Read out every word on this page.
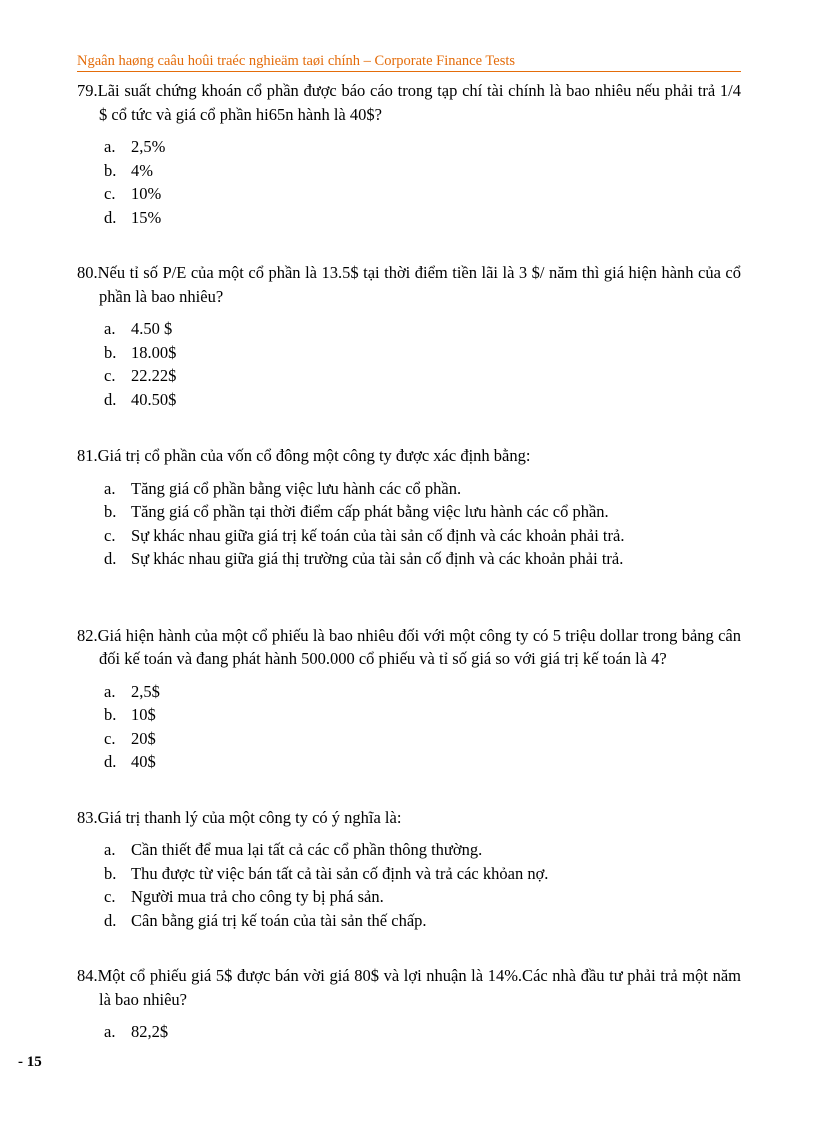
Ngaân haøng caâu hoûi traéc nghieäm taøi chính – Corporate Finance Tests

79.Lãi suất chứng khoán cổ phần được báo cáo trong tạp chí tài chính là bao nhiêu nếu phải trả 1/4 $ cổ tức và giá cổ phần hi65n hành là 40$?

a. 2,5%
b. 4%
c. 10%
d. 15%

80.Nếu tỉ số P/E của một cổ phần là 13.5$ tại thời điểm tiền lãi là 3 $/ năm thì giá hiện hành của cổ phần là bao nhiêu?

a. 4.50 $
b. 18.00$
c. 22.22$
d. 40.50$

81.Giá trị cổ phần của vốn cổ đông một công ty được xác định bằng:

a. Tăng giá cổ phần bằng việc lưu hành các cổ phần.
b. Tăng giá cổ phần tại thời điểm cấp phát bằng việc lưu hành các cổ phần.
c. Sự khác nhau giữa giá trị kế toán của tài sản cố định và các khoản phải trả.
d. Sự khác nhau giữa giá thị trường của tài sản cố định và các khoản phải trả.

82.Giá hiện hành của một cổ phiếu là bao nhiêu đối với một công ty có 5 triệu dollar trong bảng cân đối kế toán và đang phát hành 500.000 cổ phiếu và tỉ số giá so với giá trị kế toán là 4?

a. 2,5$
b. 10$
c. 20$
d. 40$

83.Giá trị thanh lý của một công ty có ý nghĩa là:

a. Cần thiết để mua lại tất cả các cổ phần thông thường.
b. Thu được từ việc bán tất cả tài sản cố định và trả các khỏan nợ.
c. Người mua trả cho công ty bị phá sản.
d. Cân bằng giá trị kế toán của tài sản thế chấp.

84.Một cổ phiếu giá 5$ được bán vời giá 80$ và lợi nhuận là 14%.Các nhà đầu tư phải trả một năm là bao nhiêu?

a. 82,2$
- 15
